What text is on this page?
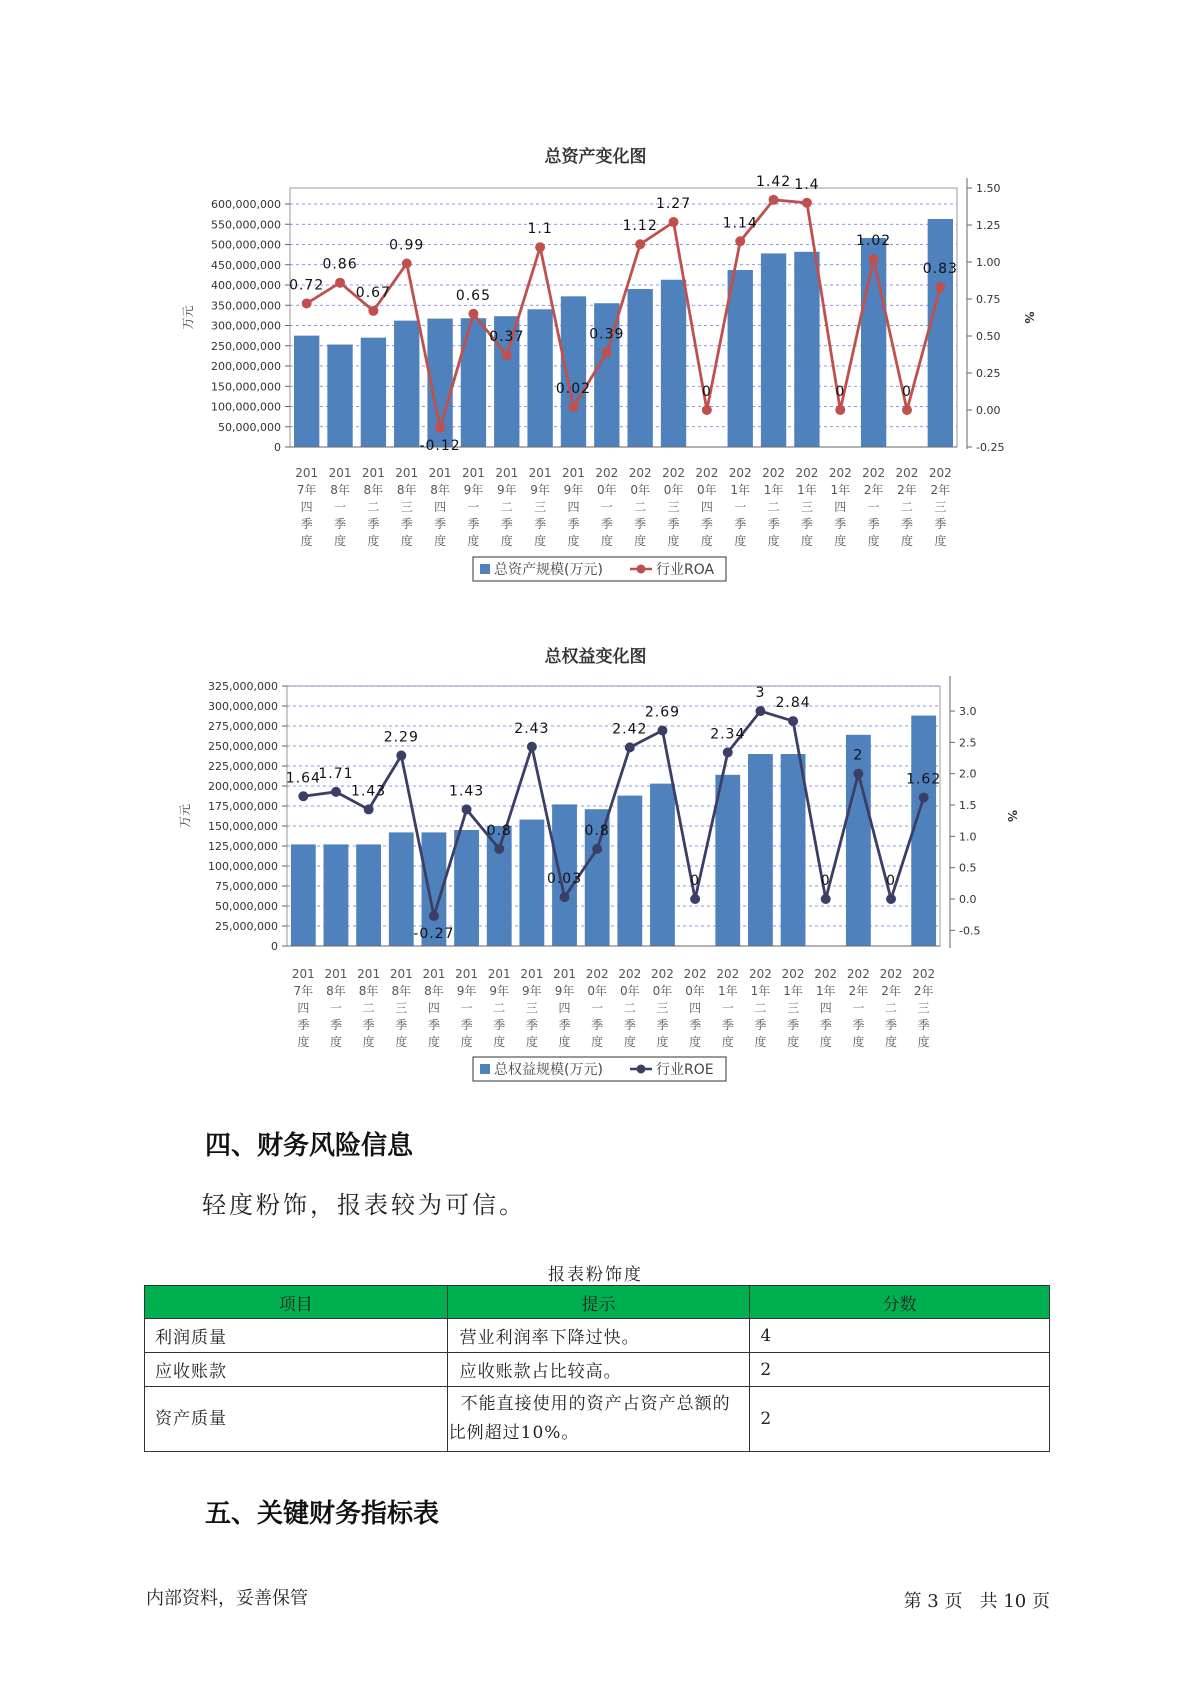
总资产变化图
600,000,000
550,000,000
500,000,000
450,000,000
400,000,000
350,000,000
300,000,000
250,000,000
200,000,000
150,000,000
100,000,000
50,000,000
0
万元
1.50
1.25
1.00
0.75
0.50
0.25
0.00
-0.25
%
201
7年
四
季
度
201
8年
一
季
度
201
8年
二
季
度
201
8年
三
季
度
201
8年
四
季
度
201
9年
一
季
度
201
9年
二
季
度
201
9年
三
季
度
201
9年
四
季
度
202
0年
一
季
度
202
0年
二
季
度
202
0年
三
季
度
202
0年
四
季
度
202
1年
一
季
度
202
1年
二
季
度
202
1年
三
季
度
202
1年
四
季
度
202
2年
一
季
度
202
2年
二
季
度
202
2年
三
季
度
0.72
0.86
0.67
0.99
-0.12
0.65
0.37
1.1
0.02
0.39
1.12
1.27
0
1.14
1.42 1.4
0
1.02
0
0.83
总资产规模(万元)	行业ROA
总权益变化图
325,000,000
300,000,000
275,000,000
250,000,000
225,000,000
200,000,000
175,000,000
150,000,000
125,000,000
100,000,000
75,000,000
50,000,000
25,000,000
0
万元
3.0
2.5
2.0
1.5
1.0
0.5
0.0
-0.5
%
201
7年
四
季
度
201
8年
一
季
度
201
8年
二
季
度
201
8年
三
季
度
201
8年
四
季
度
201
9年
一
季
度
201
9年
二
季
度
201
9年
三
季
度
201
9年
四
季
度
202
0年
一
季
度
202
0年
二
季
度
202
0年
三
季
度
202
0年
四
季
度
202
1年
一
季
度
202
1年
二
季
度
202
1年
三
季
度
202
1年
四
季
度
202
2年
一
季
度
202
2年
二
季
度
202
2年
三
季
度
1.64
1.71
1.43
2.29
-0.27
1.43
0.8
2.43
0.03
0.8
2.42
2.69
0
2.34
3
2.84
0
2
0
1.62
总权益规模(万元)	行业ROE
四、财务风险信息
轻度粉饰，报表较为可信。
报表粉饰度
项目	提示	分数
利润质量	营业利润率下降过快。	4
应收账款	应收账款占比较高。	2
资产质量	不能直接使用的资产占资产总额的比例超过10%。	2
五、关键财务指标表
内部资料，妥善保管	第 3 页   共 10 页
